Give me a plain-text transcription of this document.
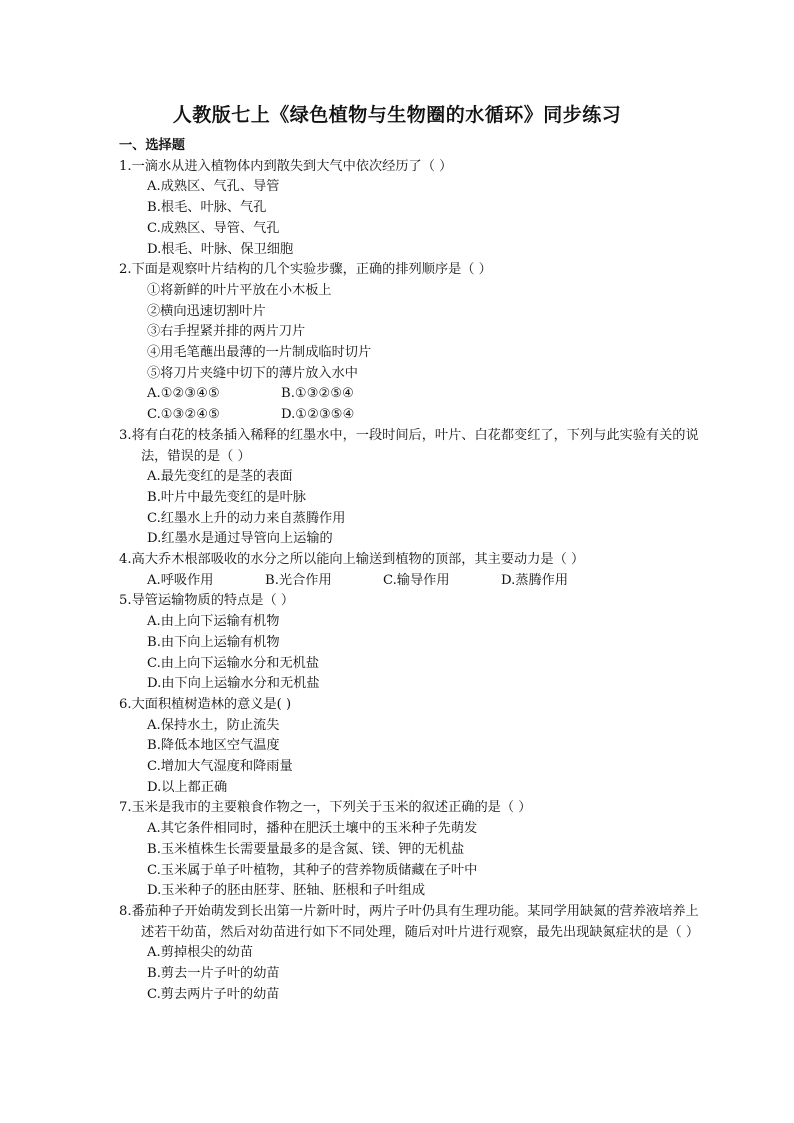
人教版七上《绿色植物与生物圈的水循环》同步练习

一、选择题

1.一滴水从进入植物体内到散失到大气中依次经历了（ ）

A.成熟区、气孔、导管

B.根毛、叶脉、气孔

C.成熟区、导管、气孔

D.根毛、叶脉、保卫细胞

2.下面是观察叶片结构的几个实验步骤，正确的排列顺序是（ ）

①将新鲜的叶片平放在小木板上

②横向迅速切割叶片

③右手捏紧并排的两片刀片

④用毛笔蘸出最薄的一片制成临时切片

⑤将刀片夹缝中切下的薄片放入水中

A.①②③④⑤	B.①③②⑤④
C.①③②④⑤	D.①②③⑤④

3.将有白花的枝条插入稀释的红墨水中，一段时间后，叶片、白花都变红了，下列与此实验有关的说法，错误的是（ ）

A.最先变红的是茎的表面

B.叶片中最先变红的是叶脉

C.红墨水上升的动力来自蒸腾作用

D.红墨水是通过导管向上运输的

4.高大乔木根部吸收的水分之所以能向上输送到植物的顶部，其主要动力是（ ）

A.呼吸作用	B.光合作用	C.输导作用	D.蒸腾作用

5.导管运输物质的特点是（ ）

A.由上向下运输有机物

B.由下向上运输有机物

C.由上向下运输水分和无机盐

D.由下向上运输水分和无机盐

6.大面积植树造林的意义是( )

A.保持水土，防止流失

B.降低本地区空气温度

C.增加大气湿度和降雨量

D.以上都正确

7.玉米是我市的主要粮食作物之一，下列关于玉米的叙述正确的是（ ）

A.其它条件相同时，播种在肥沃土壤中的玉米种子先萌发

B.玉米植株生长需要量最多的是含氮、镁、钾的无机盐

C.玉米属于单子叶植物，其种子的营养物质储藏在子叶中

D.玉米种子的胚由胚芽、胚轴、胚根和子叶组成

8.番茄种子开始萌发到长出第一片新叶时，两片子叶仍具有生理功能。某同学用缺氮的营养液培养上述若干幼苗，然后对幼苗进行如下不同处理，随后对叶片进行观察，最先出现缺氮症状的是（ ）

A.剪掉根尖的幼苗

B.剪去一片子叶的幼苗

C.剪去两片子叶的幼苗
